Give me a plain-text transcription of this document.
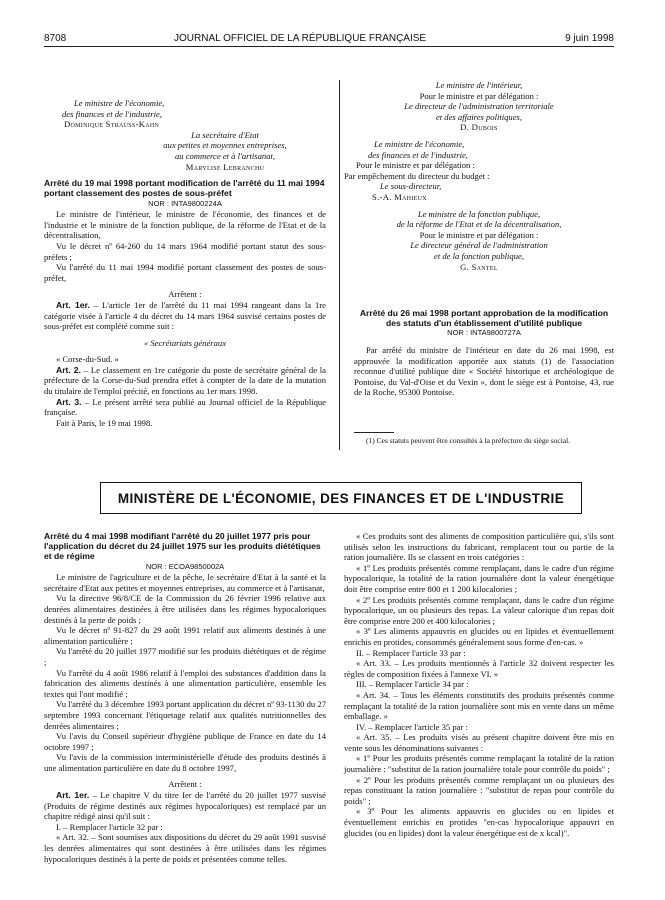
8708	JOURNAL OFFICIEL DE LA RÉPUBLIQUE FRANÇAISE	9 juin 1998

Le ministre de l'économie,

des finances et de l'industrie,

Dominique Strauss-Kahn

La secrétaire d'Etat

aux petites et moyennes entreprises,

au commerce et à l'artisanat,

Marylise Lebranchu

Arrêté du 19 mai 1998 portant modification de l'arrêté du 11 mai 1994 portant classement des postes de sous-préfet

NOR : INTA9800224A

Le ministre de l'intérieur, le ministre de l'économie, des finances et de l'industrie et le ministre de la fonction publique, de la réforme de l'Etat et de la décentralisation,

Vu le décret nº 64-260 du 14 mars 1964 modifié portant statut des sous-préfets ;

Vu l'arrêté du 11 mai 1994 modifié portant classement des postes de sous-préfet,

Arrêtent :

Art. 1er. – L'article 1er de l'arrêté du 11 mai 1994 rangeant dans la 1re catégorie visée à l'article 4 du décret du 14 mars 1964 susvisé certains postes de sous-préfet est complété comme suit :

« Secrétariats généraux

« Corse-du-Sud. »

Art. 2. – Le classement en 1re catégorie du poste de secrétaire général de la préfecture de la Corse-du-Sud prendra effet à compter de la date de la mutation du titulaire de l'emploi précité, en fonctions au 1er mars 1998.

Art. 3. – Le présent arrêté sera publié au Journal officiel de la République française.

Fait à Paris, le 19 mai 1998.

Le ministre de l'intérieur,

Pour le ministre et par délégation :

Le directeur de l'administration territoriale

et des affaires politiques,

D. Dubois

Le ministre de l'économie,

des finances et de l'industrie,

Pour le ministre et par délégation :

Par empêchement du directeur du budget :

Le sous-directeur,

S.-A. Mahieux

Le ministre de la fonction publique,

de la réforme de l'Etat et de la décentralisation,

Pour le ministre et par délégation :

Le directeur général de l'administration

et de la fonction publique,

G. Santel

Arrêté du 26 mai 1998 portant approbation de la modification des statuts d'un établissement d'utilité publique

NOR : INTA9800727A

Par arrêté du ministre de l'intérieur en date du 26 mai 1998, est approuvée la modification apportée aux statuts (1) de l'association reconnue d'utilité publique dite « Société historique et archéologique de Pontoise, du Val-d'Oise et du Vexin », dont le siège est à Pontoise, 43, rue de la Roche, 95300 Pontoise.

(1) Ces statuts peuvent être consultés à la préfecture du siège social.
MINISTÈRE DE L'ÉCONOMIE, DES FINANCES ET DE L'INDUSTRIE

Arrêté du 4 mai 1998 modifiant l'arrêté du 20 juillet 1977 pris pour l'application du décret du 24 juillet 1975 sur les produits diététiques et de régime

NOR : ECOA9850002A

Le ministre de l'agriculture et de la pêche, le secrétaire d'Etat à la santé et la secrétaire d'Etat aux petites et moyennes entreprises, au commerce et à l'artisanat,

Vu la directive 96/8/CE de la Commission du 26 février 1996 relative aux denrées alimentaires destinées à être utilisées dans les régimes hypocaloriques destinés à la perte de poids ;

Vu le décret nº 91-827 du 29 août 1991 relatif aux aliments destinés à une alimentation particulière ;

Vu l'arrêté du 20 juillet 1977 modifié sur les produits diététiques et de régime ;

Vu l'arrêté du 4 août 1986 relatif à l'emploi des substances d'addition dans la fabrication des aliments destinés à une alimentation particulière, ensemble les textes qui l'ont modifié ;

Vu l'arrêté du 3 décembre 1993 portant application du décret nº 93-1130 du 27 septembre 1993 concernant l'étiquetage relatif aux qualités nutritionnelles des denrées alimentaires ;

Vu l'avis du Conseil supérieur d'hygiène publique de France en date du 14 octobre 1997 ;

Vu l'avis de la commission interministérielle d'étude des produits destinés à une alimentation particulière en date du 8 octobre 1997,

Arrêtent :

Art. 1er. – Le chapitre V du titre Ier de l'arrêté du 20 juillet 1977 susvisé (Produits de régime destinés aux régimes hypocaloriques) est remplacé par un chapitre rédigé ainsi qu'il suit :

I. – Remplacer l'article 32 par :

« Art. 32. – Sont soumises aux dispositions du décret du 29 août 1991 susvisé les denrées alimentaires qui sont destinées à être utilisées dans les régimes hypocaloriques destinés à la perte de poids et présentées comme telles.

« Ces produits sont des aliments de composition particulière qui, s'ils sont utilisés selon les instructions du fabricant, remplacent tout ou partie de la ration journalière. Ils se classent en trois catégories :

« 1º Les produits présentés comme remplaçant, dans le cadre d'un régime hypocalorique, la totalité de la ration journalière dont la valeur énergétique doit être comprise entre 800 et 1 200 kilocalories ;

« 2º Les produits présentés comme remplaçant, dans le cadre d'un régime hypocalorique, un ou plusieurs des repas. La valeur calorique d'un repas doit être comprise entre 200 et 400 kilocalories ;

« 3º Les aliments appauvris en glucides ou en lipides et éventuellement enrichis en protides, consommés généralement sous forme d'en-cas. »

II. – Remplacer l'article 33 par :

« Art. 33. – Les produits mentionnés à l'article 32 doivent respecter les règles de composition fixées à l'annexe VI. »

III. – Remplacer l'article 34 par :

« Art. 34. – Tous les éléments constitutifs des produits présentés comme remplaçant la totalité de la ration journalière sont mis en vente dans un même emballage. »

IV. – Remplacer l'article 35 par :

« Art. 35. – Les produits visés au présent chapitre doivent être mis en vente sous les dénominations suivantes :

« 1º Pour les produits présentés comme remplaçant la totalité de la ration journalière : "substitut de la ration journalière totale pour contrôle du poids" ;

« 2º Pour les produits présentés comme remplaçant un ou plusieurs des repas constituant la ration journalière : "substitut de repas pour contrôle du poids" ;

« 3º Pour les aliments appauvris en glucides ou en lipides et éventuellement enrichis en protides "en-cas hypocalorique appauvri en glucides (ou en lipides) dont la valeur énergétique est de x kcal)".
